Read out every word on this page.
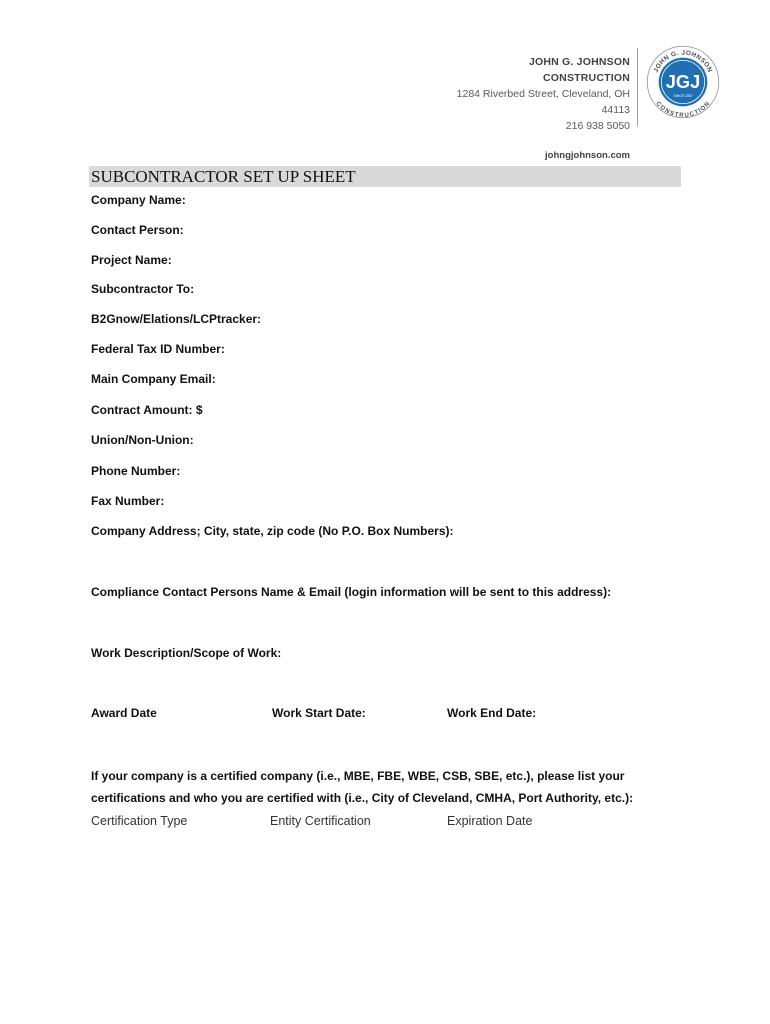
JOHN G. JOHNSON CONSTRUCTION
1284 Riverbed Street, Cleveland, OH 44113
216 938 5050
johngjohnson.com
JOHN G. JOHNSON
CONSTRUCTION
JGJ
SINCE 1967
SUBCONTRACTOR SET UP SHEET
Company Name:
Contact Person:
Project Name:
Subcontractor To:
B2Gnow/Elations/LCPtracker:
Federal Tax ID Number:
Main Company Email:
Contract Amount: $
Union/Non-Union:
Phone Number:
Fax Number:
Company Address; City, state, zip code (No P.O. Box Numbers):
Compliance Contact Persons Name & Email (login information will be sent to this address):
Work Description/Scope of Work:
Award Date	Work Start Date:	Work End Date:
If your company is a certified company (i.e., MBE, FBE, WBE, CSB, SBE, etc.), please list your
certifications and who you are certified with (i.e., City of Cleveland, CMHA, Port Authority, etc.):
Certification Type	Entity Certification	Expiration Date
